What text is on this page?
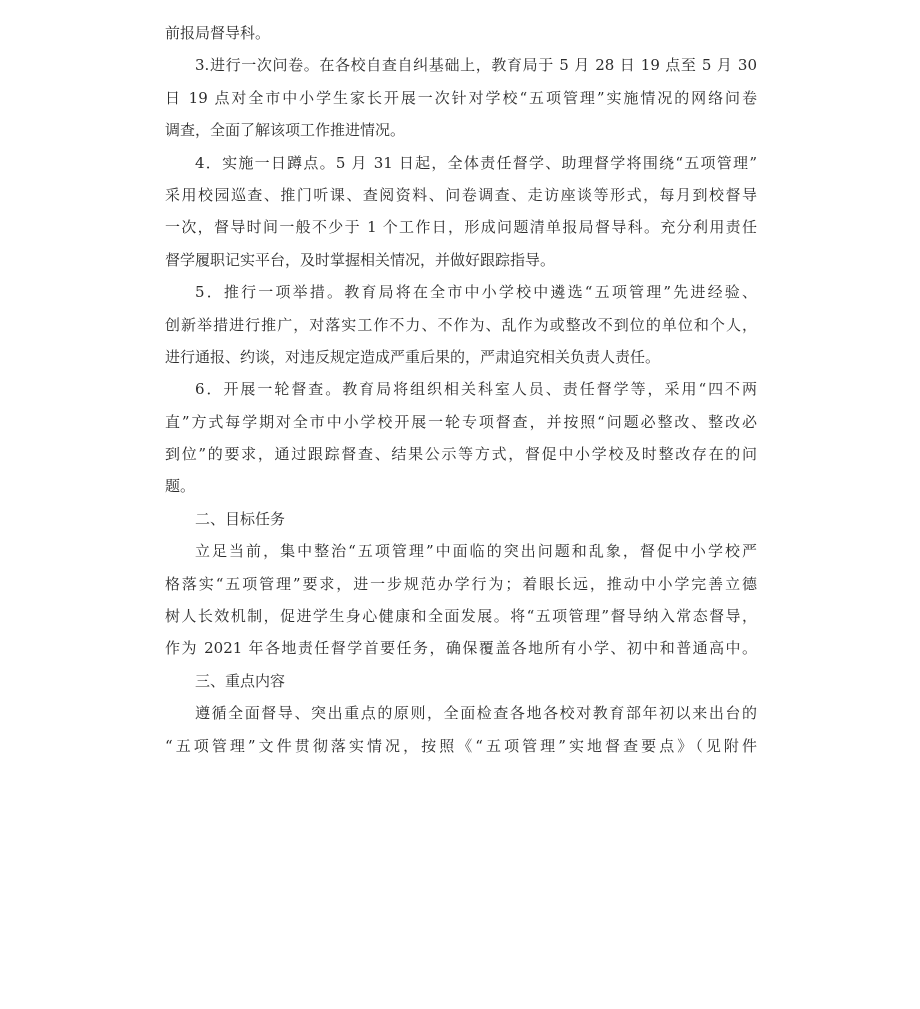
前报局督导科。
3.进行一次问卷。在各校自查自纠基础上，教育局于 5 月 28 日 19 点至 5 月 30
日 19 点对全市中小学生家长开展一次针对学校“五项管理”实施情况的网络问卷
调查，全面了解该项工作推进情况。
4．实施一日蹲点。5 月 31 日起，全体责任督学、助理督学将围绕“五项管理”
采用校园巡查、推门听课、查阅资料、问卷调查、走访座谈等形式，每月到校督导
一次，督导时间一般不少于 1 个工作日，形成问题清单报局督导科。充分利用责任
督学履职记实平台，及时掌握相关情况，并做好跟踪指导。
5．推行一项举措。教育局将在全市中小学校中遴选“五项管理”先进经验、
创新举措进行推广，对落实工作不力、不作为、乱作为或整改不到位的单位和个人，
进行通报、约谈，对违反规定造成严重后果的，严肃追究相关负责人责任。
6．开展一轮督查。教育局将组织相关科室人员、责任督学等，采用“四不两
直”方式每学期对全市中小学校开展一轮专项督查，并按照“问题必整改、整改必
到位”的要求，通过跟踪督查、结果公示等方式，督促中小学校及时整改存在的问
题。
二、目标任务
立足当前，集中整治“五项管理”中面临的突出问题和乱象，督促中小学校严
格落实“五项管理”要求，进一步规范办学行为；着眼长远，推动中小学完善立德
树人长效机制，促进学生身心健康和全面发展。将“五项管理”督导纳入常态督导，
作为 2021 年各地责任督学首要任务，确保覆盖各地所有小学、初中和普通高中。
三、重点内容
遵循全面督导、突出重点的原则，全面检查各地各校对教育部年初以来出台的
“五项管理”文件贯彻落实情况，按照《“五项管理”实地督查要点》（见附件
